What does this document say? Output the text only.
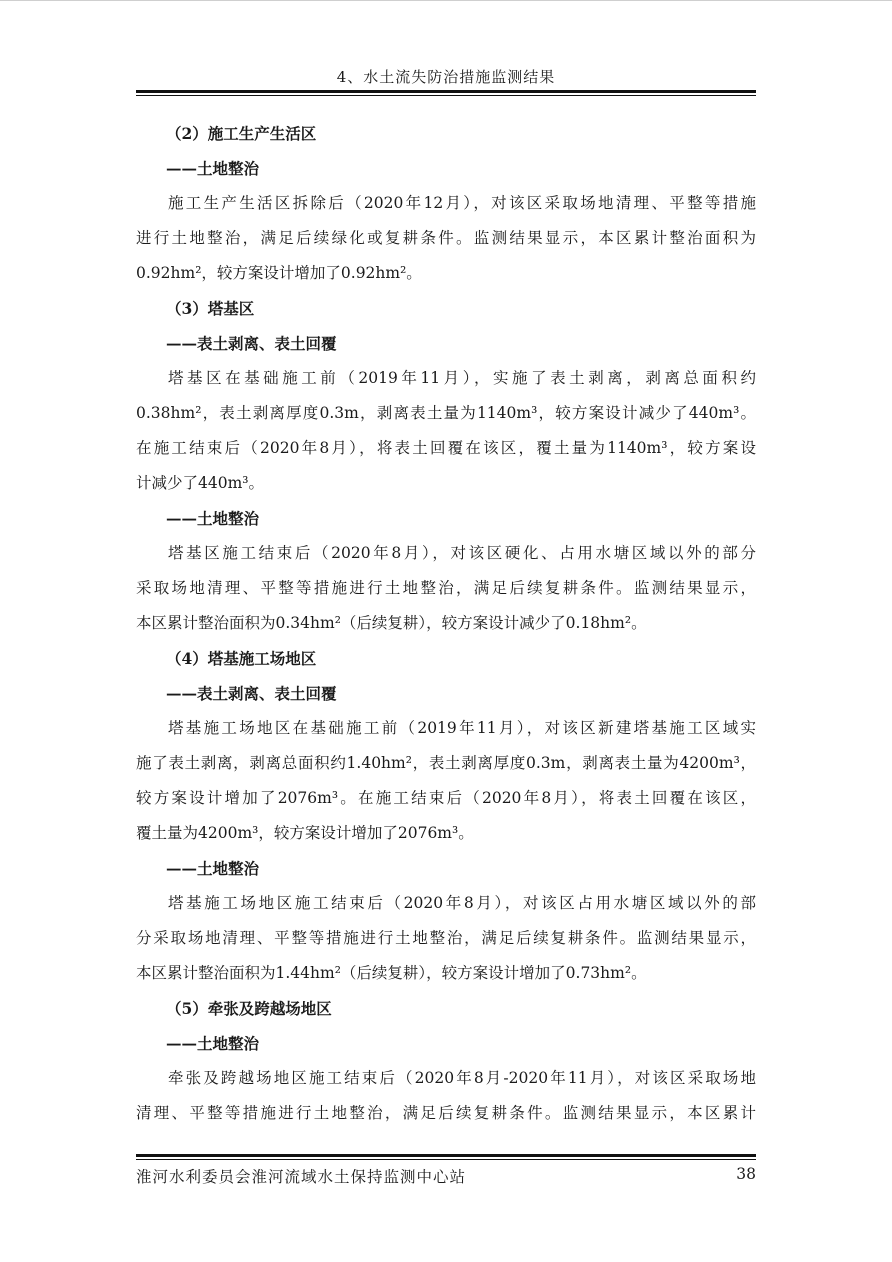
4、水土流失防治措施监测结果
（2）施工生产生活区
——土地整治
施工生产生活区拆除后（2020年12月），对该区采取场地清理、平整等措施
进行土地整治，满足后续绿化或复耕条件。监测结果显示，本区累计整治面积为
0.92hm²，较方案设计增加了0.92hm²。
（3）塔基区
——表土剥离、表土回覆
塔基区在基础施工前（2019年11月），实施了表土剥离，剥离总面积约
0.38hm²，表土剥离厚度0.3m，剥离表土量为1140m³，较方案设计减少了440m³。
在施工结束后（2020年8月），将表土回覆在该区，覆土量为1140m³，较方案设
计减少了440m³。
——土地整治
塔基区施工结束后（2020年8月），对该区硬化、占用水塘区域以外的部分
采取场地清理、平整等措施进行土地整治，满足后续复耕条件。监测结果显示，
本区累计整治面积为0.34hm²（后续复耕），较方案设计减少了0.18hm²。
（4）塔基施工场地区
——表土剥离、表土回覆
塔基施工场地区在基础施工前（2019年11月），对该区新建塔基施工区域实
施了表土剥离，剥离总面积约1.40hm²，表土剥离厚度0.3m，剥离表土量为4200m³，
较方案设计增加了2076m³。在施工结束后（2020年8月），将表土回覆在该区，
覆土量为4200m³，较方案设计增加了2076m³。
——土地整治
塔基施工场地区施工结束后（2020年8月），对该区占用水塘区域以外的部
分采取场地清理、平整等措施进行土地整治，满足后续复耕条件。监测结果显示，
本区累计整治面积为1.44hm²（后续复耕），较方案设计增加了0.73hm²。
（5）牵张及跨越场地区
——土地整治
牵张及跨越场地区施工结束后（2020年8月-2020年11月），对该区采取场地
清理、平整等措施进行土地整治，满足后续复耕条件。监测结果显示，本区累计
淮河水利委员会淮河流域水土保持监测中心站	38
